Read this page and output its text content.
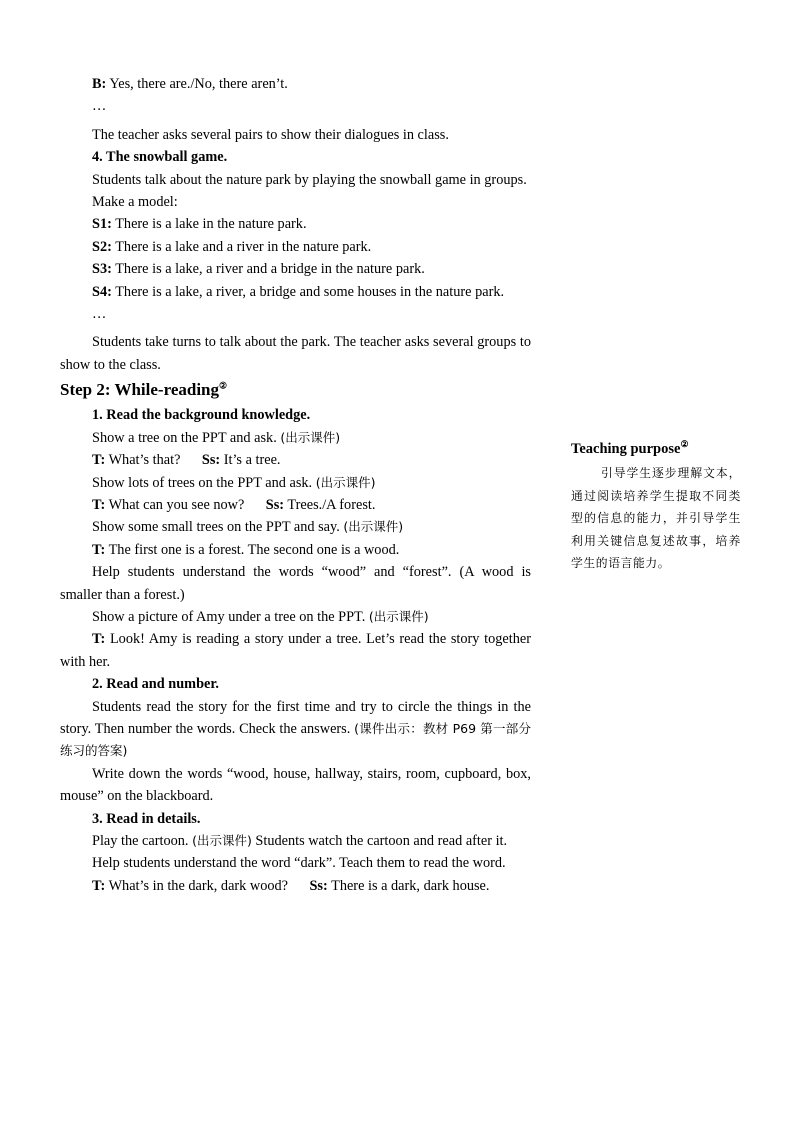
B: Yes, there are./No, there aren’t.

…

The teacher asks several pairs to show their dialogues in class.

4. The snowball game.

Students talk about the nature park by playing the snowball game in groups.

Make a model:

S1: There is a lake in the nature park.

S2: There is a lake and a river in the nature park.

S3: There is a lake, a river and a bridge in the nature park.

S4: There is a lake, a river, a bridge and some houses in the nature park.

…

Students take turns to talk about the park. The teacher asks several groups to show to the class.

Step 2: While-reading②

1. Read the background knowledge.

Show a tree on the PPT and ask. (出示课件)

T: What’s that? Ss: It’s a tree.

Show lots of trees on the PPT and ask. (出示课件)

T: What can you see now? Ss: Trees./A forest.

Show some small trees on the PPT and say. (出示课件)

T: The first one is a forest. The second one is a wood.

Help students understand the words “wood” and “forest”. (A wood is smaller than a forest.)

Show a picture of Amy under a tree on the PPT. (出示课件)

T: Look! Amy is reading a story under a tree. Let’s read the story together with her.

2. Read and number.

Students read the story for the first time and try to circle the things in the story. Then number the words. Check the answers. (课件出示：教材 P69 第一部分练习的答案)

Write down the words “wood, house, hallway, stairs, room, cupboard, box, mouse” on the blackboard.

3. Read in details.

Play the cartoon. (出示课件) Students watch the cartoon and read after it.

Help students understand the word “dark”. Teach them to read the word.

T: What’s in the dark, dark wood? Ss: There is a dark, dark house.

Teaching purpose②

引导学生逐步理解文本，通过阅读培养学生提取不同类型的信息的能力，并引导学生利用关键信息复述故事，培养学生的语言能力。
